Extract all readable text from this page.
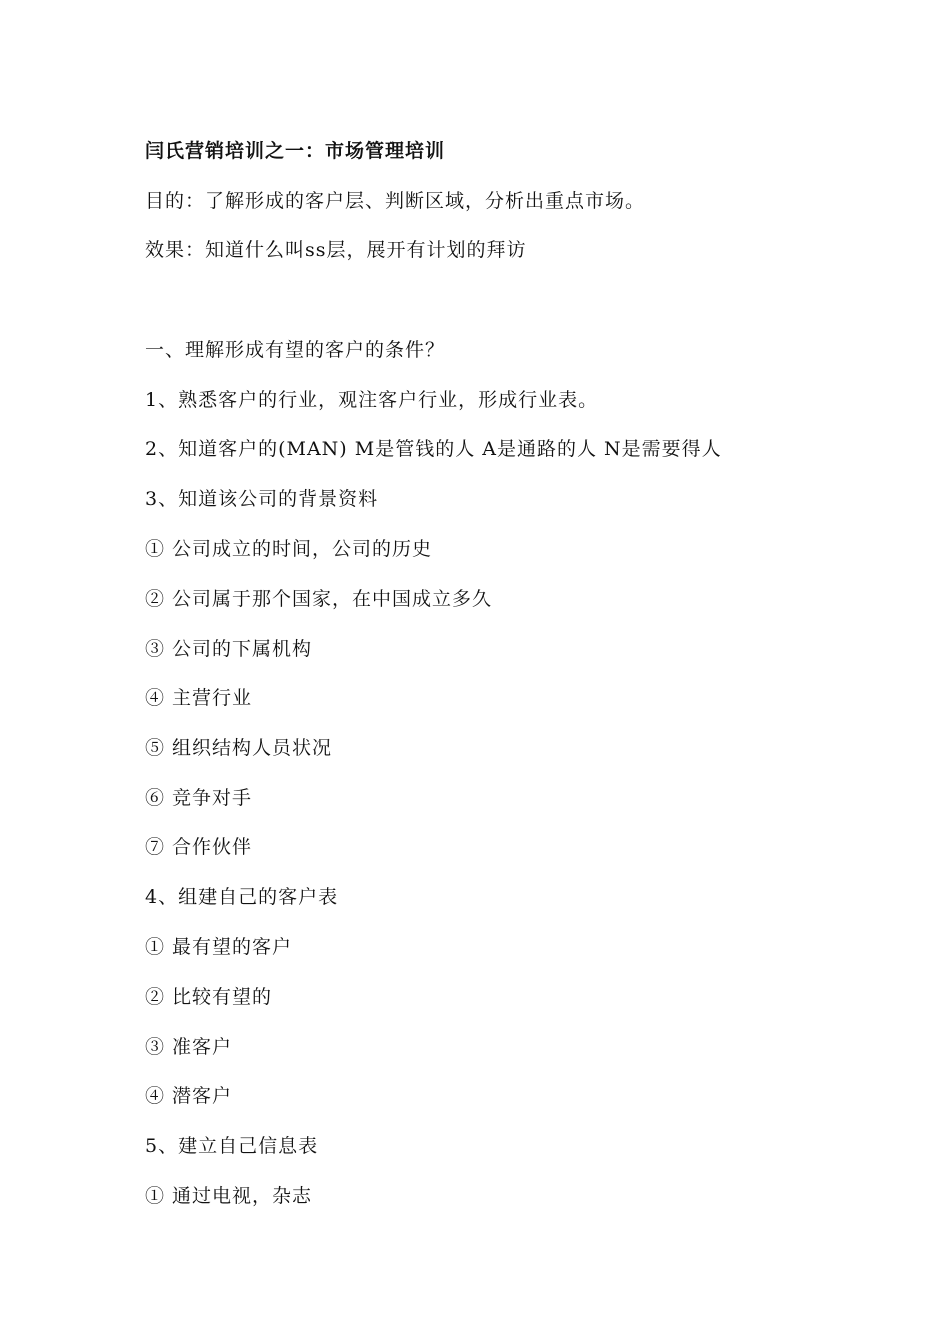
闫氏营销培训之一：市场管理培训
目的：了解形成的客户层、判断区域，分析出重点市场。
效果：知道什么叫ss层，展开有计划的拜访
一、理解形成有望的客户的条件？
1、熟悉客户的行业，观注客户行业，形成行业表。
2、知道客户的(MAN) M是管钱的人 A是通路的人 N是需要得人
3、知道该公司的背景资料
① 公司成立的时间，公司的历史
② 公司属于那个国家，在中国成立多久
③ 公司的下属机构
④ 主营行业
⑤ 组织结构人员状况
⑥ 竞争对手
⑦ 合作伙伴
4、组建自己的客户表
① 最有望的客户
② 比较有望的
③ 准客户
④ 潜客户
5、建立自己信息表
① 通过电视，杂志
